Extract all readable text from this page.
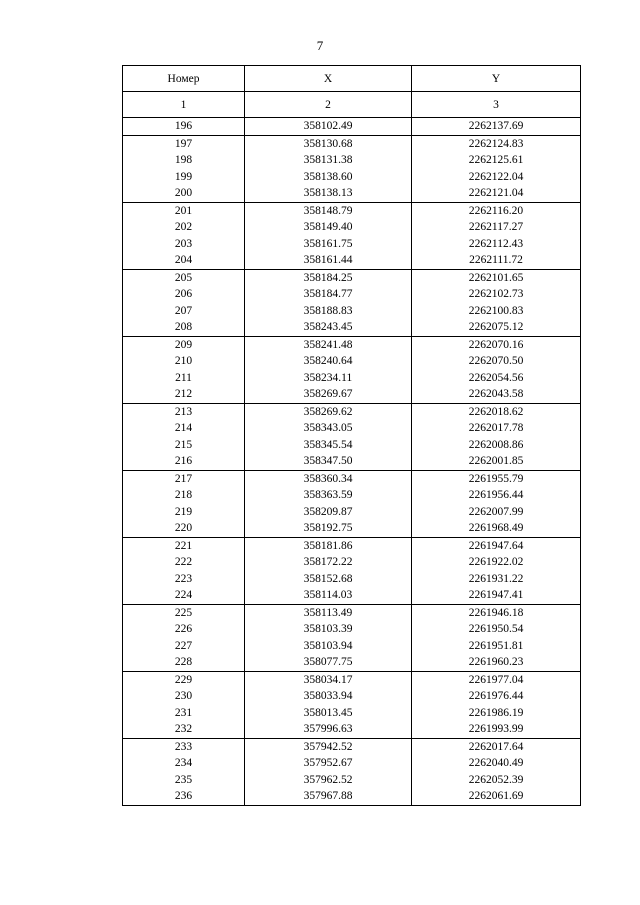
7
Номер	X	Y
1	2	3
196	358102.49	2262137.69
197	358130.68	2262124.83
198	358131.38	2262125.61
199	358138.60	2262122.04
200	358138.13	2262121.04
201	358148.79	2262116.20
202	358149.40	2262117.27
203	358161.75	2262112.43
204	358161.44	2262111.72
205	358184.25	2262101.65
206	358184.77	2262102.73
207	358188.83	2262100.83
208	358243.45	2262075.12
209	358241.48	2262070.16
210	358240.64	2262070.50
211	358234.11	2262054.56
212	358269.67	2262043.58
213	358269.62	2262018.62
214	358343.05	2262017.78
215	358345.54	2262008.86
216	358347.50	2262001.85
217	358360.34	2261955.79
218	358363.59	2261956.44
219	358209.87	2262007.99
220	358192.75	2261968.49
221	358181.86	2261947.64
222	358172.22	2261922.02
223	358152.68	2261931.22
224	358114.03	2261947.41
225	358113.49	2261946.18
226	358103.39	2261950.54
227	358103.94	2261951.81
228	358077.75	2261960.23
229	358034.17	2261977.04
230	358033.94	2261976.44
231	358013.45	2261986.19
232	357996.63	2261993.99
233	357942.52	2262017.64
234	357952.67	2262040.49
235	357962.52	2262052.39
236	357967.88	2262061.69
